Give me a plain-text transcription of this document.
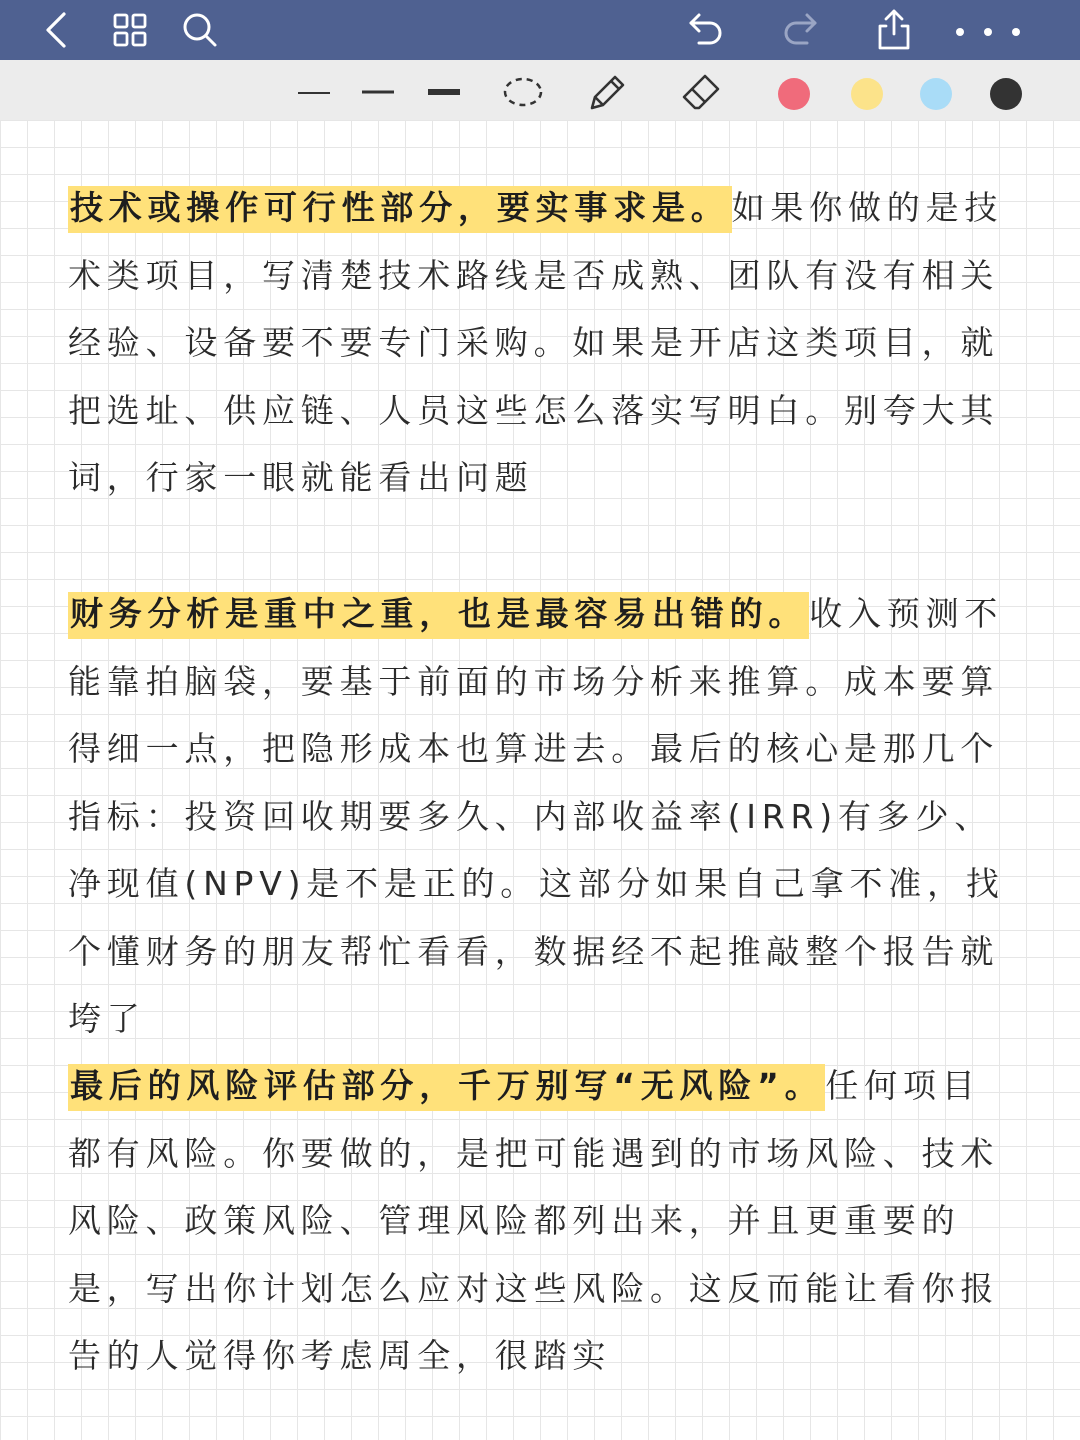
技术或操作可行性部分，要实事求是。如果你做的是技术类项目，写清楚技术路线是否成熟、团队有没有相关经验、设备要不要专门采购。如果是开店这类项目，就把选址、供应链、人员这些怎么落实写明白。别夸大其词，行家一眼就能看出问题

财务分析是重中之重，也是最容易出错的。收入预测不能靠拍脑袋，要基于前面的市场分析来推算。成本要算得细一点，把隐形成本也算进去。最后的核心是那几个指标：投资回收期要多久、内部收益率(IRR)有多少、净现值(NPV)是不是正的。这部分如果自己拿不准，找个懂财务的朋友帮忙看看，数据经不起推敲整个报告就垮了

最后的风险评估部分，千万别写“无风险”。任何项目都有风险。你要做的，是把可能遇到的市场风险、技术风险、政策风险、管理风险都列出来，并且更重要的是，写出你计划怎么应对这些风险。这反而能让看你报告的人觉得你考虑周全，很踏实
